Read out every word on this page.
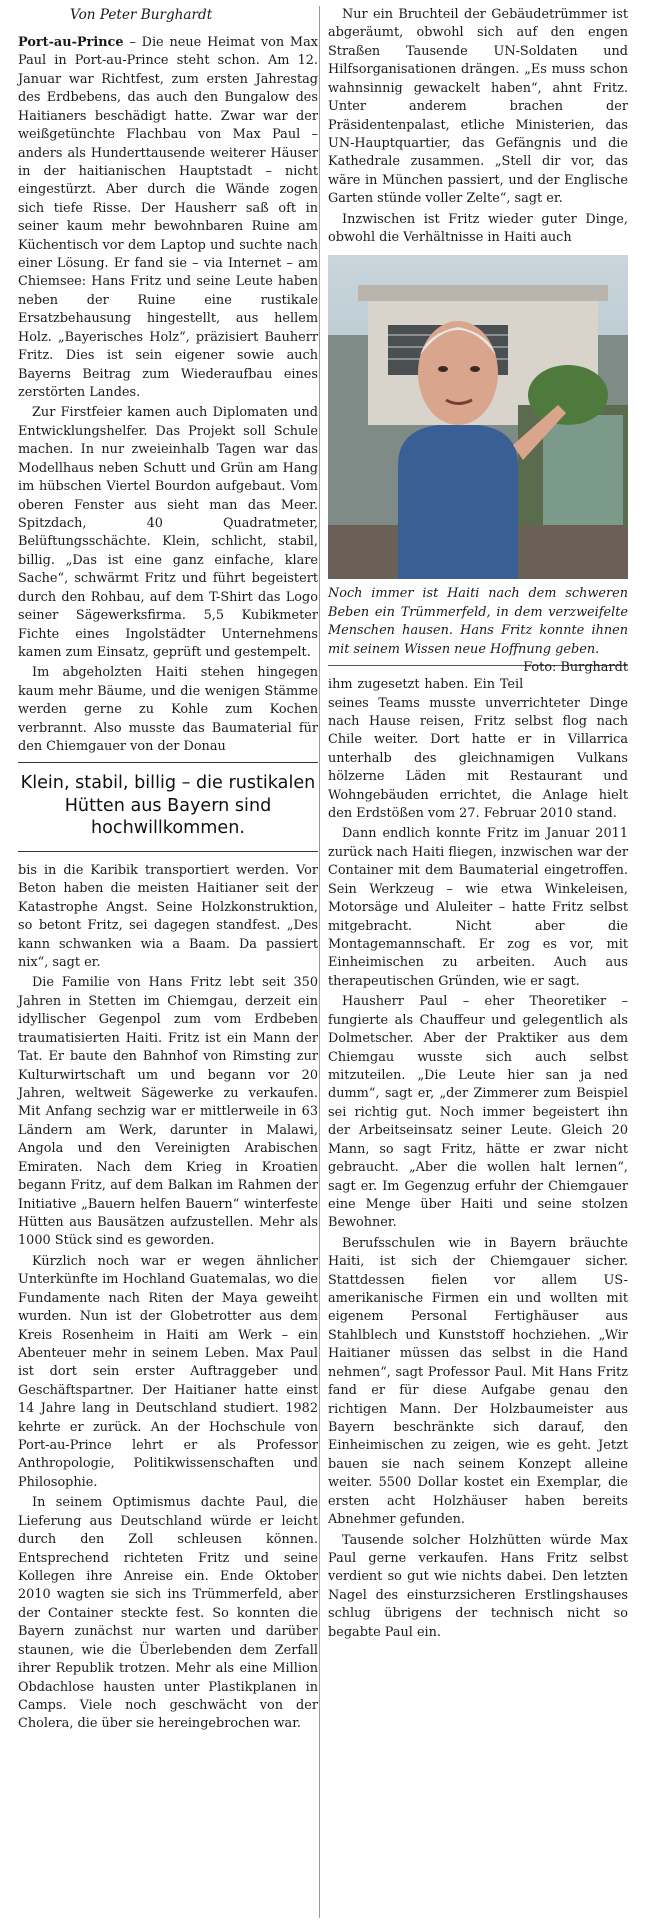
Von Peter Burghardt

Port-au-Prince – Die neue Heimat von Max Paul in Port-au-Prince steht schon. Am 12. Januar war Richtfest, zum ersten Jahrestag des Erdbebens, das auch den Bungalow des Haitianers beschädigt hatte. Zwar war der weißgetünchte Flachbau von Max Paul – anders als Hunderttausende weiterer Häuser in der haitianischen Hauptstadt – nicht eingestürzt. Aber durch die Wände zogen sich tiefe Risse. Der Hausherr saß oft in seiner kaum mehr bewohnbaren Ruine am Küchentisch vor dem Laptop und suchte nach einer Lösung. Er fand sie – via Internet – am Chiemsee: Hans Fritz und seine Leute haben neben der Ruine eine rustikale Ersatzbehausung hingestellt, aus hellem Holz. „Bayerisches Holz“, präzisiert Bauherr Fritz. Dies ist sein eigener sowie auch Bayerns Beitrag zum Wiederaufbau eines zerstörten Landes.

Zur Firstfeier kamen auch Diplomaten und Entwicklungshelfer. Das Projekt soll Schule machen. In nur zweieinhalb Tagen war das Modellhaus neben Schutt und Grün am Hang im hübschen Viertel Bourdon aufgebaut. Vom oberen Fenster aus sieht man das Meer. Spitzdach, 40 Quadratmeter, Belüftungsschächte. Klein, schlicht, stabil, billig. „Das ist eine ganz einfache, klare Sache“, schwärmt Fritz und führt begeistert durch den Rohbau, auf dem T-Shirt das Logo seiner Sägewerksfirma. 5,5 Kubikmeter Fichte eines Ingolstädter Unternehmens kamen zum Einsatz, geprüft und gestempelt.

Im abgeholzten Haiti stehen hingegen kaum mehr Bäume, und die wenigen Stämme werden gerne zu Kohle zum Kochen verbrannt. Also musste das Baumaterial für den Chiemgauer von der Donau

Klein, stabil, billig – die rustikalen Hütten aus Bayern sind hochwillkommen.

bis in die Karibik transportiert werden. Vor Beton haben die meisten Haitianer seit der Katastrophe Angst. Seine Holzkonstruktion, so betont Fritz, sei dagegen standfest. „Des kann schwanken wia a Baam. Da passiert nix“, sagt er.

Die Familie von Hans Fritz lebt seit 350 Jahren in Stetten im Chiemgau, derzeit ein idyllischer Gegenpol zum vom Erdbeben traumatisierten Haiti. Fritz ist ein Mann der Tat. Er baute den Bahnhof von Rimsting zur Kulturwirtschaft um und begann vor 20 Jahren, weltweit Sägewerke zu verkaufen. Mit Anfang sechzig war er mittlerweile in 63 Ländern am Werk, darunter in Malawi, Angola und den Vereinigten Arabischen Emiraten. Nach dem Krieg in Kroatien begann Fritz, auf dem Balkan im Rahmen der Initiative „Bauern helfen Bauern“ winterfeste Hütten aus Bausätzen aufzustellen. Mehr als 1000 Stück sind es geworden.

Kürzlich noch war er wegen ähnlicher Unterkünfte im Hochland Guatemalas, wo die Fundamente nach Riten der Maya geweiht wurden. Nun ist der Globetrotter aus dem Kreis Rosenheim in Haiti am Werk – ein Abenteuer mehr in seinem Leben. Max Paul ist dort sein erster Auftraggeber und Geschäftspartner. Der Haitianer hatte einst 14 Jahre lang in Deutschland studiert. 1982 kehrte er zurück. An der Hochschule von Port-au-Prince lehrt er als Professor Anthropologie, Politikwissenschaften und Philosophie.

In seinem Optimismus dachte Paul, die Lieferung aus Deutschland würde er leicht durch den Zoll schleusen können. Entsprechend richteten Fritz und seine Kollegen ihre Anreise ein. Ende Oktober 2010 wagten sie sich ins Trümmerfeld, aber der Container steckte fest. So konnten die Bayern zunächst nur warten und darüber staunen, wie die Überlebenden dem Zerfall ihrer Republik trotzen. Mehr als eine Million Obdachlose hausten unter Plastikplanen in Camps. Viele noch geschwächt von der Cholera, die über sie hereingebrochen war.

Nur ein Bruchteil der Gebäudetrümmer ist abgeräumt, obwohl sich auf den engen Straßen Tausende UN-Soldaten und Hilfsorganisationen drängen. „Es muss schon wahnsinnig gewackelt haben“, ahnt Fritz. Unter anderem brachen der Präsidentenpalast, etliche Ministerien, das UN-Hauptquartier, das Gefängnis und die Kathedrale zusammen. „Stell dir vor, das wäre in München passiert, und der Englische Garten stünde voller Zelte“, sagt er.

Inzwischen ist Fritz wieder guter Dinge, obwohl die Verhältnisse in Haiti auch

Noch immer ist Haiti nach dem schweren Beben ein Trümmerfeld, in dem verzweifelte Menschen hausen. Hans Fritz konnte ihnen mit seinem Wissen neue Hoffnung geben.
Foto: Burghardt

ihm zugesetzt haben. Ein Teil seines Teams musste unverrichteter Dinge nach Hause reisen, Fritz selbst flog nach Chile weiter. Dort hatte er in Villarrica unterhalb des gleichnamigen Vulkans hölzerne Läden mit Restaurant und Wohngebäuden errichtet, die Anlage hielt den Erdstößen vom 27. Februar 2010 stand.

Dann endlich konnte Fritz im Januar 2011 zurück nach Haiti fliegen, inzwischen war der Container mit dem Baumaterial eingetroffen. Sein Werkzeug – wie etwa Winkeleisen, Motorsäge und Aluleiter – hatte Fritz selbst mitgebracht. Nicht aber die Montagemannschaft. Er zog es vor, mit Einheimischen zu arbeiten. Auch aus therapeutischen Gründen, wie er sagt.

Hausherr Paul – eher Theoretiker – fungierte als Chauffeur und gelegentlich als Dolmetscher. Aber der Praktiker aus dem Chiemgau wusste sich auch selbst mitzuteilen. „Die Leute hier san ja ned dumm“, sagt er, „der Zimmerer zum Beispiel sei richtig gut. Noch immer begeistert ihn der Arbeitseinsatz seiner Leute. Gleich 20 Mann, so sagt Fritz, hätte er zwar nicht gebraucht. „Aber die wollen halt lernen“, sagt er. Im Gegenzug erfuhr der Chiemgauer eine Menge über Haiti und seine stolzen Bewohner.

Berufsschulen wie in Bayern bräuchte Haiti, ist sich der Chiemgauer sicher. Stattdessen fielen vor allem US-amerikanische Firmen ein und wollten mit eigenem Personal Fertighäuser aus Stahlblech und Kunststoff hochziehen. „Wir Haitianer müssen das selbst in die Hand nehmen“, sagt Professor Paul. Mit Hans Fritz fand er für diese Aufgabe genau den richtigen Mann. Der Holzbaumeister aus Bayern beschränkte sich darauf, den Einheimischen zu zeigen, wie es geht. Jetzt bauen sie nach seinem Konzept alleine weiter. 5500 Dollar kostet ein Exemplar, die ersten acht Holzhäuser haben bereits Abnehmer gefunden.

Tausende solcher Holzhütten würde Max Paul gerne verkaufen. Hans Fritz selbst verdient so gut wie nichts dabei. Den letzten Nagel des einsturzsicheren Erstlingshauses schlug übrigens der technisch nicht so begabte Paul ein.
